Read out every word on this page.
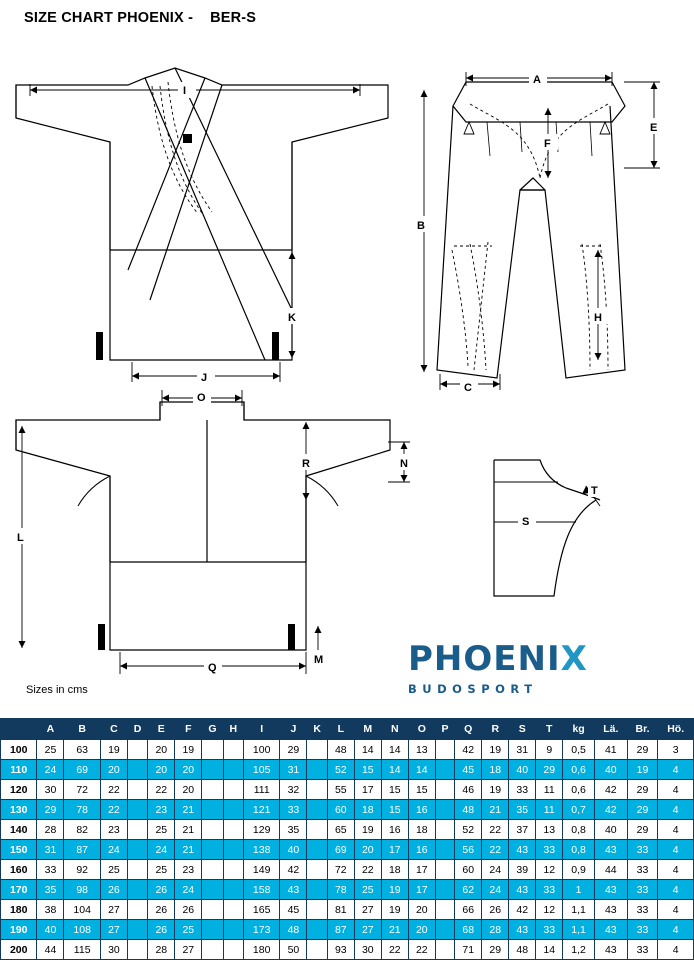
SIZE CHART PHOENIX -    BER-S
I
K
J
A
E
F
B
H
C
O
N
R
L
M
Q
T
S
Sizes in cms
PHOENIX
BUDOSPORT
	A	B	C	D	E	F	G	H	I	J	K	L	M	N	O	P	Q	R	S	T	kg	Lä.	Br.	Hö.
100	25	63	19		20	19			100	29		48	14	14	13		42	19	31	9	0,5	41	29	3
110	24	69	20		20	20			105	31		52	15	14	14		45	18	40	29	0,6	40	19	4
120	30	72	22		22	20			111	32		55	17	15	15		46	19	33	11	0,6	42	29	4
130	29	78	22		23	21			121	33		60	18	15	16		48	21	35	11	0,7	42	29	4
140	28	82	23		25	21			129	35		65	19	16	18		52	22	37	13	0,8	40	29	4
150	31	87	24		24	21			138	40		69	20	17	16		56	22	43	33	0,8	43	33	4
160	33	92	25		25	23			149	42		72	22	18	17		60	24	39	12	0,9	44	33	4
170	35	98	26		26	24			158	43		78	25	19	17		62	24	43	33	1	43	33	4
180	38	104	27		26	26			165	45		81	27	19	20		66	26	42	12	1,1	43	33	4
190	40	108	27		26	25			173	48		87	27	21	20		68	28	43	33	1,1	43	33	4
200	44	115	30		28	27			180	50		93	30	22	22		71	29	48	14	1,2	43	33	4
